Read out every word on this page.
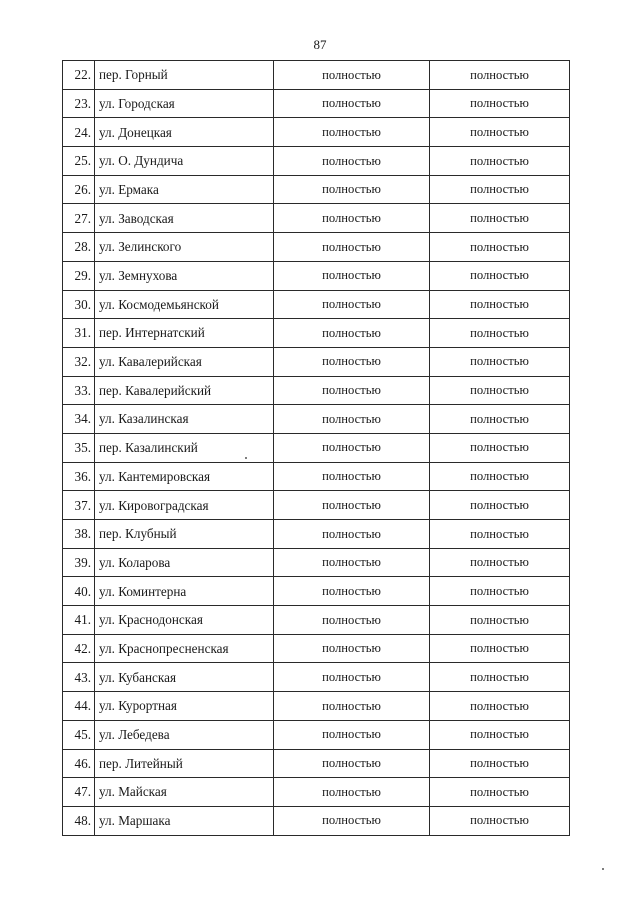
87
22.	пер. Горный	полностью	полностью
23.	ул. Городская	полностью	полностью
24.	ул. Донецкая	полностью	полностью
25.	ул. О. Дундича	полностью	полностью
26.	ул. Ермака	полностью	полностью
27.	ул. Заводская	полностью	полностью
28.	ул. Зелинского	полностью	полностью
29.	ул. Земнухова	полностью	полностью
30.	ул. Космодемьянской	полностью	полностью
31.	пер. Интернатский	полностью	полностью
32.	ул. Кавалерийская	полностью	полностью
33.	пер. Кавалерийский	полностью	полностью
34.	ул. Казалинская	полностью	полностью
35.	пер. Казалинский	полностью	полностью
36.	ул. Кантемировская	полностью	полностью
37.	ул. Кировоградская	полностью	полностью
38.	пер. Клубный	полностью	полностью
39.	ул. Коларова	полностью	полностью
40.	ул. Коминтерна	полностью	полностью
41.	ул. Краснодонская	полностью	полностью
42.	ул. Краснопресненская	полностью	полностью
43.	ул. Кубанская	полностью	полностью
44.	ул. Курортная	полностью	полностью
45.	ул. Лебедева	полностью	полностью
46.	пер. Литейный	полностью	полностью
47.	ул. Майская	полностью	полностью
48.	ул. Маршака	полностью	полностью
